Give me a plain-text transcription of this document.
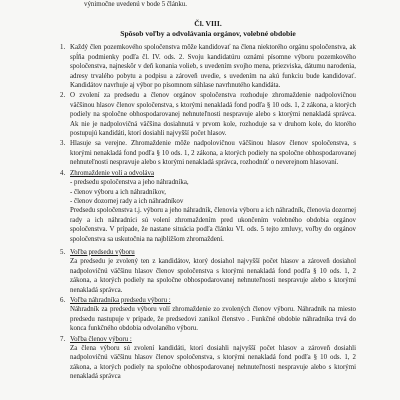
výnimočne uvedenú v bode 5 článku.
Čl. VIII.
Spôsob voľby a odvolávania orgánov, volebné obdobie
1. Každý člen pozemkového spoločenstva môže kandidovať na člena niektorého orgánu spoločenstva, ak spĺňa podmienky podľa čl. IV. ods. 2. Svoju kandidatúru oznámi písomne výboru pozemkového spoločenstva, najneskôr v deň konania volieb, s uvedením svojho mena, priezviska, dátumu narodenia, adresy trvalého pobytu a podpisu a zároveň uvedie, s uvedením na akú funkciu bude kandidovať. Kandidátov navrhuje aj výbor po písomnom súhlase navrhnutého kandidáta.
2. O zvolení za predsedu a členov orgánov spoločenstva rozhoduje zhromaždenie nadpolovičnou väčšinou hlasov členov spoločenstva, s ktorými nenakladá fond podľa § 10 ods. 1, 2 zákona, a ktorých podiely na spoločne obhospodarovanej nehnuteľnosti nespravuje alebo s ktorými nenakladá správca. Ak nie je nadpolovičná väčšina dosiahnutá v prvom kole, rozhoduje sa v druhom kole, do ktorého postupujú kandidáti, ktorí dosiahli najvyšší počet hlasov.
3. Hlasuje sa verejne. Zhromaždenie môže nadpolovičnou väčšinou hlasov členov spoločenstva, s ktorými nenakladá fond podľa § 10 ods. 1, 2 zákona, a ktorých podiely na spoločne obhospodarovanej nehnuteľnosti nespravuje alebo s ktorými nenakladá správca, rozhodnúť o neverejnom hlasovaní.
4. Zhromaždenie volí a odvoláva
- predsedu spoločenstva a jeho náhradníka,
- členov výboru a ich náhradníkov,
- členov dozornej rady a ich náhradníkov
Predsedu spoločenstva t.j. výboru a jeho náhradník, členovia výboru a ich náhradník, členovia dozornej rady a ich náhradníci sú volení zhromaždením pred ukončením volebného obdobia orgánov spoločenstva. V prípade, že nastane situácia podľa článku VI. ods. 5 tejto zmluvy, voľby do orgánov spoločenstva sa uskutočnia na najbližšom zhromaždení.
5. Voľba predsedu výboru
Za predsedu je zvolený ten z kandidátov, ktorý dosiahol najvyšší počet hlasov a zároveň dosiahol nadpolovičnú väčšinu hlasov členov spoločenstva s ktorými nenakladá fond podľa § 10 ods. 1, 2 zákona, a ktorých podiely na spoločne obhospodarovanej nehnuteľnosti nespravuje alebo s ktorými nenakladá správca.
6. Voľba náhradníka predsedu výboru :
Náhradník za predsedu výboru volí zhromaždenie zo zvolených členov výboru. Náhradník na miesto predsedu nastupuje v prípade, že predsedovi zanikol členstvo . Funkčné obdobie náhradníka trvá do konca funkčného obdobia odvolaného výboru.
7. Voľba členov výboru :
Za člena výboru sú zvolení kandidáti, ktorí dosiahli najvyšší počet hlasov a zároveň dosiahli nadpolovičnú väčšinu hlasov členov spoločenstva, s ktorými nenakladá fond podľa § 10 ods. 1, 2 zákona, a ktorých podiely na spoločne obhospodarovanej nehnuteľnosti nespravuje alebo s ktorými nenakladá správca
